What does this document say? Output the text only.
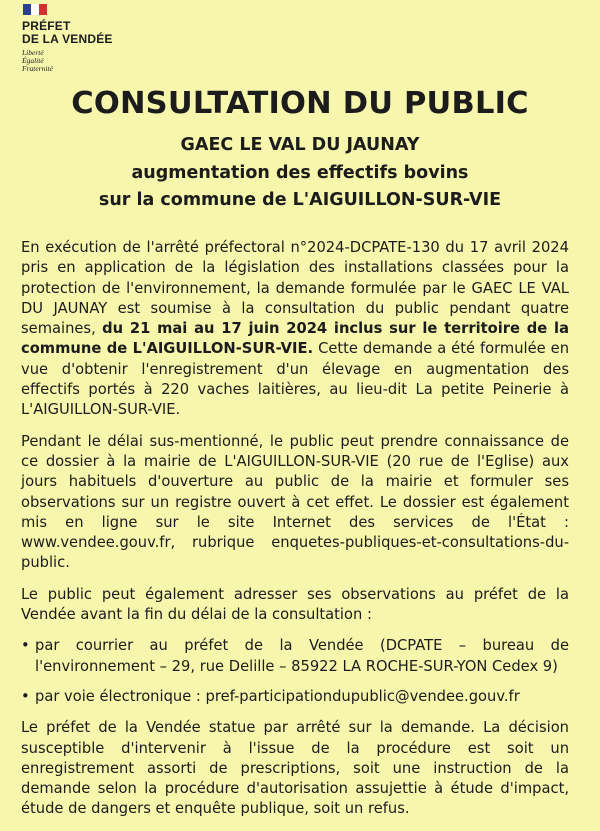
PRÉFET
DE LA VENDÉE
Liberté
Égalité
Fraternité
CONSULTATION DU PUBLIC
GAEC LE VAL DU JAUNAY
augmentation des effectifs bovins
sur la commune de L'AIGUILLON-SUR-VIE

En exécution de l'arrêté préfectoral n°2024-DCPATE-130 du 17 avril 2024 pris en application de la législation des installations classées pour la protection de l'environnement, la demande formulée par le GAEC LE VAL DU JAUNAY est soumise à la consultation du public pendant quatre semaines, du 21 mai au 17 juin 2024 inclus sur le territoire de la commune de L'AIGUILLON-SUR-VIE. Cette demande a été formulée en vue d'obtenir l'enregistrement d'un élevage en augmentation des effectifs portés à 220 vaches laitières, au lieu-dit La petite Peinerie à L'AIGUILLON-SUR-VIE.

Pendant le délai sus-mentionné, le public peut prendre connaissance de ce dossier à la mairie de L'AIGUILLON-SUR-VIE (20 rue de l'Eglise) aux jours habituels d'ouverture au public de la mairie et formuler ses observations sur un registre ouvert à cet effet. Le dossier est également mis en ligne sur le site Internet des services de l'État : www.vendee.gouv.fr, rubrique enquetes-publiques-et-consultations-du-public.

Le public peut également adresser ses observations au préfet de la Vendée avant la fin du délai de la consultation :

• par courrier au préfet de la Vendée (DCPATE – bureau de l'environnement – 29, rue Delille – 85922 LA ROCHE-SUR-YON Cedex 9)
• par voie électronique : pref-participationdupublic@vendee.gouv.fr

Le préfet de la Vendée statue par arrêté sur la demande. La décision susceptible d'intervenir à l'issue de la procédure est soit un enregistrement assorti de prescriptions, soit une instruction de la demande selon la procédure d'autorisation assujettie à étude d'impact, étude de dangers et enquête publique, soit un refus.
